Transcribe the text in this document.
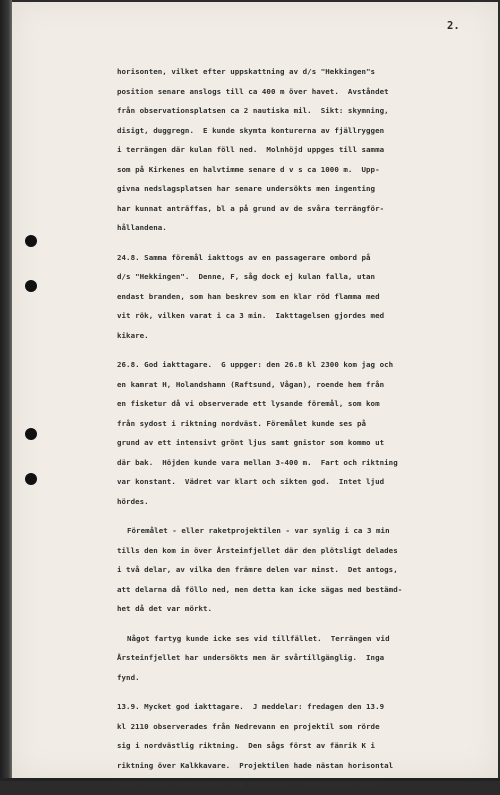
2.
horisonten, vilket efter uppskattning av d/s "Hekkingen"s
position senare anslogs till ca 400 m över havet.  Avståndet
från observationsplatsen ca 2 nautiska mil.  Sikt: skymning,
disigt, duggregn.  E kunde skymta konturerna av fjällryggen
i terrängen där kulan föll ned.  Molnhöjd uppges till samma
som på Kirkenes en halvtimme senare d v s ca 1000 m.  Upp-
givna nedslagsplatsen har senare undersökts men ingenting
har kunnat anträffas, bl a på grund av de svåra terrängför-
hållandena.
24.8. Samma föremål iakttogs av en passagerare ombord på
d/s "Hekkingen".  Denne, F, såg dock ej kulan falla, utan
endast branden, som han beskrev som en klar röd flamma med
vit rök, vilken varat i ca 3 min.  Iakttagelsen gjordes med
kikare.
26.8. God iakttagare.  G uppger: den 26.8 kl 2300 kom jag och
en kamrat H, Holandshamn (Raftsund, Vågan), roende hem från
en fisketur då vi observerade ett lysande föremål, som kom
från sydost i riktning nordväst. Föremålet kunde ses på
grund av ett intensivt grönt ljus samt gnistor som kommo ut
där bak.  Höjden kunde vara mellan 3-400 m.  Fart och riktning
var konstant.  Vädret var klart och sikten god.  Intet ljud
hördes.
Föremålet - eller raketprojektilen - var synlig i ca 3 min
tills den kom in över Årsteinfjellet där den plötsligt delades
i två delar, av vilka den främre delen var minst.  Det antogs,
att delarna då föllo ned, men detta kan icke sägas med bestämd-
het då det var mörkt.
Något fartyg kunde icke ses vid tillfället.  Terrängen vid
Årsteinfjellet har undersökts men är svårtillgänglig.  Inga
fynd.
13.9. Mycket god iakttagare.  J meddelar: fredagen den 13.9
kl 2110 observerades från Nedrevann en projektil som rörde
sig i nordvästlig riktning.  Den sågs först av fänrik K i
riktning över Kalkkavare.  Projektilen hade nästan horisontal
bana (svagt nedåtgående) och försvann i riktning bort emot
